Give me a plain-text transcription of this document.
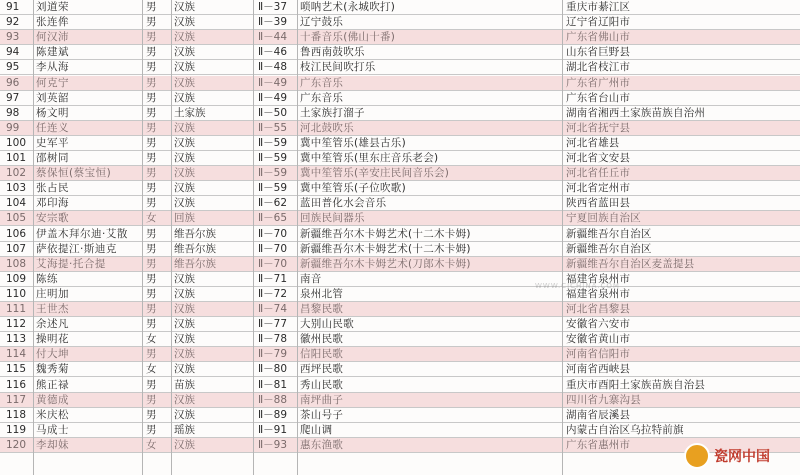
91	刘道荣	男	汉族	Ⅱ－37	唢呐艺术(永城吹打)	重庆市綦江区
92	张连侔	男	汉族	Ⅱ－39	辽宁鼓乐	辽宁省辽阳市
93	何汉沛	男	汉族	Ⅱ－44	十番音乐(佛山十番)	广东省佛山市
94	陈建斌	男	汉族	Ⅱ－46	鲁西南鼓吹乐	山东省巨野县
95	李从海	男	汉族	Ⅱ－48	枝江民间吹打乐	湖北省枝江市
96	何克宁	男	汉族	Ⅱ－49	广东音乐	广东省广州市
97	刘英韶	男	汉族	Ⅱ－49	广东音乐	广东省台山市
98	杨文明	男	土家族	Ⅱ－50	土家族打溜子	湖南省湘西土家族苗族自治州
99	任连义	男	汉族	Ⅱ－55	河北鼓吹乐	河北省抚宁县
100 史军平	男	汉族	Ⅱ－59	冀中笙管乐(雄县古乐)	河北省雄县
101 邵树同	男	汉族	Ⅱ－59	冀中笙管乐(里东庄音乐老会)	河北省文安县
102 蔡保恒(蔡宝恒)	男	汉族	Ⅱ－59	冀中笙管乐(辛安庄民间音乐会)	河北省任丘市
103 张占民	男	汉族	Ⅱ－59	冀中笙管乐(子位吹歌)	河北省定州市
104 邓印海	男	汉族	Ⅱ－62	蓝田普化水会音乐	陕西省蓝田县
105 安宗歌	女	回族	Ⅱ－65	回族民间器乐	宁夏回族自治区
106 伊盖木拜尔迪·艾散	男	维吾尔族	Ⅱ－70	新疆维吾尔木卡姆艺术(十二木卡姆)	新疆维吾尔自治区
107 萨依提江·斯迪克	男	维吾尔族	Ⅱ－70	新疆维吾尔木卡姆艺术(十二木卡姆)	新疆维吾尔自治区
108 艾海提·托合提	男	维吾尔族	Ⅱ－70	新疆维吾尔木卡姆艺术(刀郎木卡姆)	新疆维吾尔自治区麦盖提县
109 陈练	男	汉族	Ⅱ－71	南音	福建省泉州市
110 庄明加	男	汉族	Ⅱ－72	泉州北管	福建省泉州市
111 王世杰	男	汉族	Ⅱ－74	昌黎民歌	河北省昌黎县
112 余述凡	男	汉族	Ⅱ－77	大别山民歌	安徽省六安市
113 操明花	女	汉族	Ⅱ－78	徽州民歌	安徽省黄山市
114 付大坤	男	汉族	Ⅱ－79	信阳民歌	河南省信阳市
115 魏秀菊	女	汉族	Ⅱ－80	西坪民歌	河南省西峡县
116 熊正禄	男	苗族	Ⅱ－81	秀山民歌	重庆市酉阳土家族苗族自治县
117 黄德成	男	汉族	Ⅱ－88	南坪曲子	四川省九寨沟县
118 米庆松	男	汉族	Ⅱ－89	茶山号子	湖南省辰溪县
119 马成士	男	瑶族	Ⅱ－91	爬山调	内蒙古自治区乌拉特前旗
120 李却妹	女	汉族	Ⅱ－93	惠东渔歌	广东省惠州市
WWW.CICHINA.COM
瓷网中国
